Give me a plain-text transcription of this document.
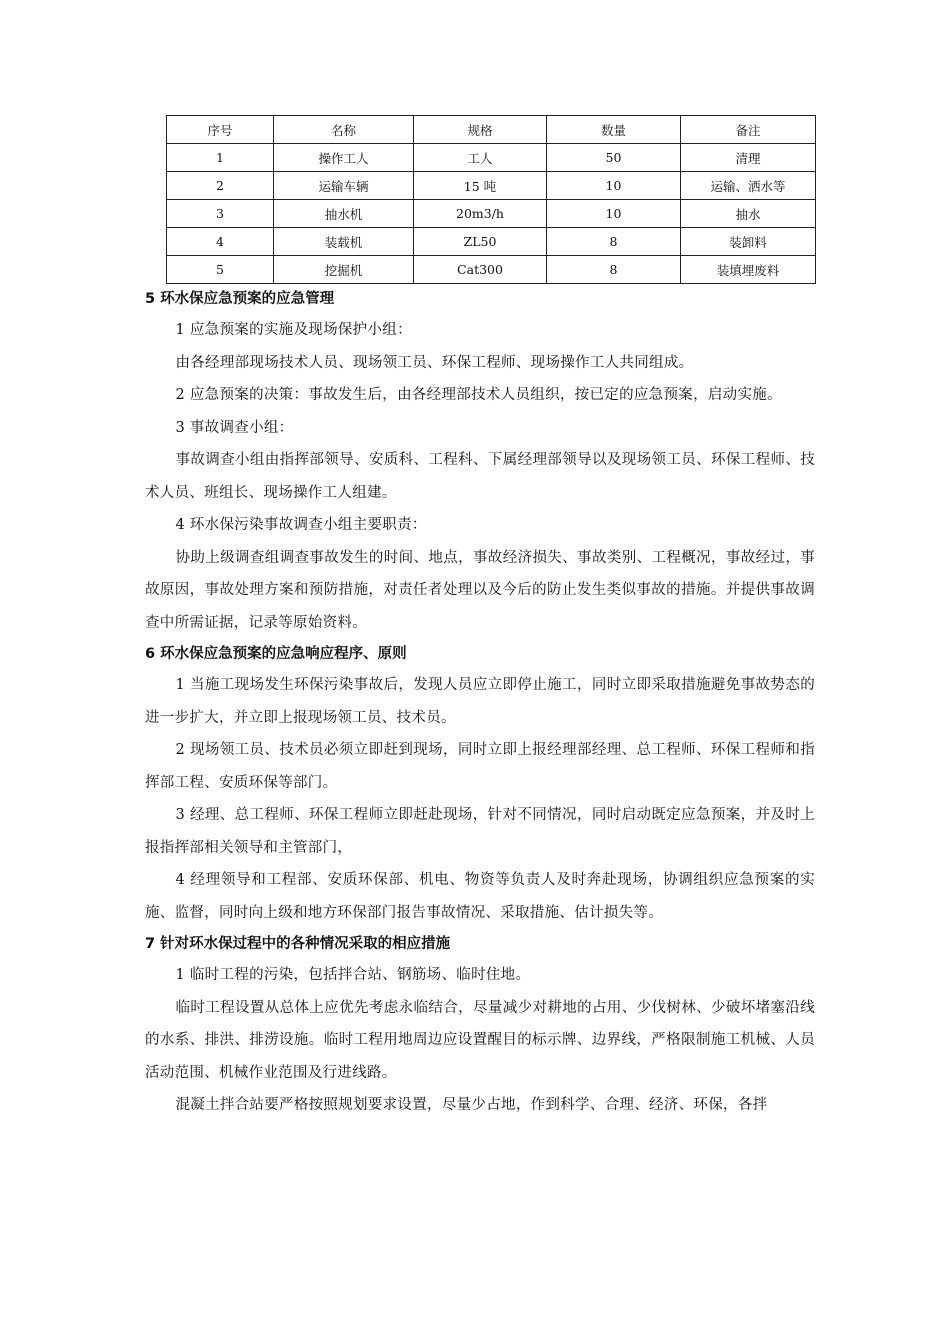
序号	名称	规格	数量	备注
1	操作工人	工人	50	清理
2	运输车辆	15 吨	10	运输、洒水等
3	抽水机	20m3/h	10	抽水
4	装载机	ZL50	8	装卸料
5	挖掘机	Cat300	8	装填埋废料

5 环水保应急预案的应急管理

1 应急预案的实施及现场保护小组：

由各经理部现场技术人员、现场领工员、环保工程师、现场操作工人共同组成。

2 应急预案的决策：事故发生后，由各经理部技术人员组织，按已定的应急预案，启动实施。

3 事故调查小组：

事故调查小组由指挥部领导、安质科、工程科、下属经理部领导以及现场领工员、环保工程师、技术人员、班组长、现场操作工人组建。

4 环水保污染事故调查小组主要职责：

协助上级调查组调查事故发生的时间、地点，事故经济损失、事故类别、工程概况，事故经过，事故原因，事故处理方案和预防措施，对责任者处理以及今后的防止发生类似事故的措施。并提供事故调查中所需证据，记录等原始资料。

6 环水保应急预案的应急响应程序、原则

1 当施工现场发生环保污染事故后，发现人员应立即停止施工，同时立即采取措施避免事故势态的进一步扩大，并立即上报现场领工员、技术员。

2 现场领工员、技术员必须立即赶到现场，同时立即上报经理部经理、总工程师、环保工程师和指挥部工程、安质环保等部门。

3 经理、总工程师、环保工程师立即赶赴现场，针对不同情况，同时启动既定应急预案，并及时上报指挥部相关领导和主管部门，

4 经理领导和工程部、安质环保部、机电、物资等负责人及时奔赴现场，协调组织应急预案的实施、监督，同时向上级和地方环保部门报告事故情况、采取措施、估计损失等。

7 针对环水保过程中的各种情况采取的相应措施

1 临时工程的污染，包括拌合站、钢筋场、临时住地。

临时工程设置从总体上应优先考虑永临结合，尽量减少对耕地的占用、少伐树林、少破坏堵塞沿线的水系、排洪、排涝设施。临时工程用地周边应设置醒目的标示牌、边界线，严格限制施工机械、人员活动范围、机械作业范围及行进线路。

混凝土拌合站要严格按照规划要求设置，尽量少占地，作到科学、合理、经济、环保，各拌
